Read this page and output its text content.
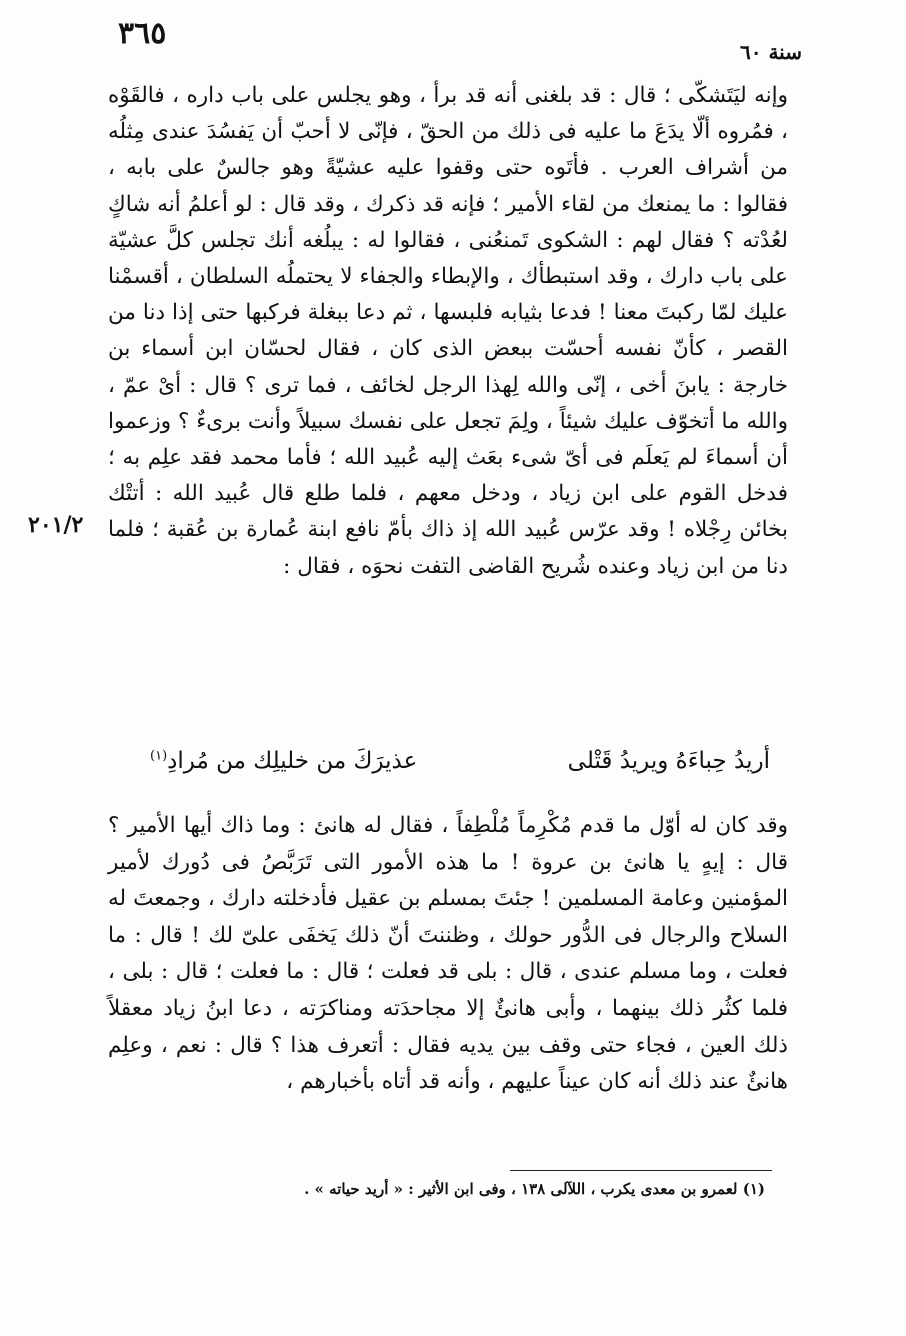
٣٦٥
سنة ٦٠
٢٠١/٢

وإنه ليَتَشكّى ؛ قال : قد بلغنى أنه قد برأ ، وهو يجلس على باب داره ، فالقَوْه ، فمُروه ألّا يدَعَ ما عليه فى ذلك من الحقّ ، فإنّى لا أحبّ أن يَفسُدَ عندى مِثلُه من أشراف العرب . فأتَوه حتى وقفوا عليه عشيّةً وهو جالسٌ على بابه ، فقالوا : ما يمنعك من لقاء الأمير ؛ فإنه قد ذكرك ، وقد قال : لو أعلمُ أنه شاكٍ لعُدْته ؟ فقال لهم : الشكوى تَمنعُنى ، فقالوا له : يبلُغه أنك تجلس كلَّ عشيّة على باب دارك ، وقد استبطأك ، والإبطاء والجفاء لا يحتملُه السلطان ، أقسمْنا عليك لمّا ركبتَ معنا ! فدعا بثيابه فلبسها ، ثم دعا ببغلة فركبها حتى إذا دنا من القصر ، كأنّ نفسه أحسّت ببعض الذى كان ، فقال لحسّان ابن أسماء بن خارجة : يابنَ أخى ، إنّى والله لِهذا الرجل لخائف ، فما ترى ؟ قال : أىْ عمّ ، والله ما أتخوّف عليك شيئاً ، ولِمَ تجعل على نفسك سبيلاً وأنت برىءٌ ؟ وزعموا أن أسماءَ لم يَعلَم فى أىّ شىء بعَث إليه عُبيد الله ؛ فأما محمد فقد علِم به ؛ فدخل القوم على ابن زياد ، ودخل معهم ، فلما طلع قال عُبيد الله : أتتْك بخائن رِجْلاه ! وقد عرّس عُبيد الله إذ ذاك بأمّ نافع ابنة عُمارة بن عُقبة ؛ فلما دنا من ابن زياد وعنده شُريح القاضى التفت نحوَه ، فقال :

أريدُ حِباءَهُ ويريدُ قَتْلى
عذيرَكَ من خليلِك من مُرادِ$^{(١)}$

وقد كان له أوّل ما قدم مُكْرِماً مُلْطِفاً ، فقال له هانئ : وما ذاك أيها الأمير ؟ قال : إيهٍ يا هانئ بن عروة ! ما هذه الأمور التى تَرَبَّصُ فى دُورك لأمير المؤمنين وعامة المسلمين ! جئتَ بمسلم بن عقيل فأدخلته دارك ، وجمعتَ له السلاح والرجال فى الدُّور حولك ، وظننتَ أنّ ذلك يَخفَى علىّ لك ! قال : ما فعلت ، وما مسلم عندى ، قال : بلى قد فعلت ؛ قال : ما فعلت ؛ قال : بلى ، فلما كثُر ذلك بينهما ، وأبى هانئٌ إلا مجاحدَته ومناكرَته ، دعا ابنُ زياد معقلاً ذلك العين ، فجاء حتى وقف بين يديه فقال : أتعرف هذا ؟ قال : نعم ، وعلِم هانئٌ عند ذلك أنه كان عيناً عليهم ، وأنه قد أتاه بأخبارهم ،

(١) لعمرو بن معدى يكرب ، اللآلى ١٣٨ ، وفى ابن الأثير : « أريد حياته » .
